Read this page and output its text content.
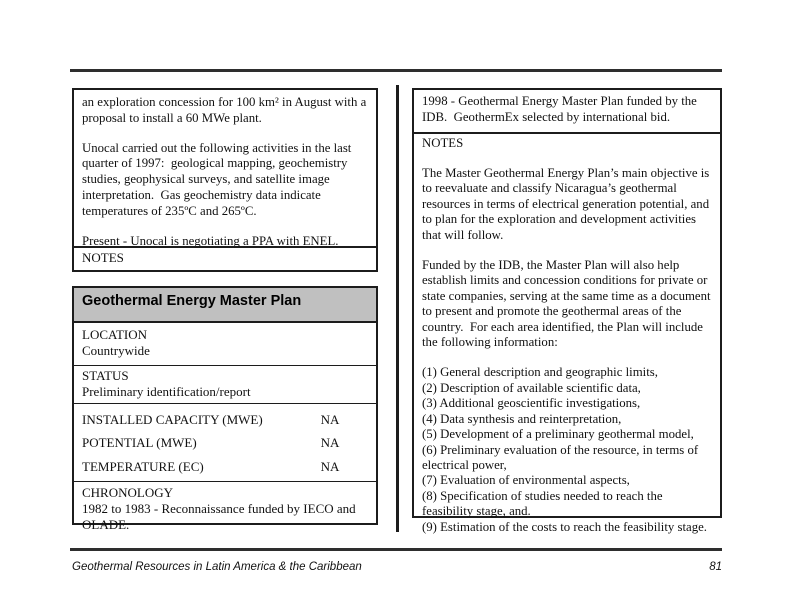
an exploration concession for 100 km² in August with a proposal to install a 60 MWe plant.

Unocal carried out the following activities in the last quarter of 1997:  geological mapping, geochemistry studies, geophysical surveys, and satellite image interpretation.  Gas geochemistry data indicate temperatures of 235ºC and 265ºC.

Present - Unocal is negotiating a PPA with ENEL.

NOTES
Geothermal Energy Master Plan
LOCATION
Countrywide
STATUS
Preliminary identification/report
INSTALLED CAPACITY (MWE)	NA
POTENTIAL (MWE)	NA
TEMPERATURE (EC)	NA
CHRONOLOGY
1982 to 1983 - Reconnaissance funded by IECO and OLADE.
1998 - Geothermal Energy Master Plan funded by the IDB.  GeothermEx selected by international bid.

NOTES

The Master Geothermal Energy Plan’s main objective is to reevaluate and classify Nicaragua’s geothermal resources in terms of electrical generation potential, and to plan for the exploration and development activities that will follow.

Funded by the IDB, the Master Plan will also help establish limits and concession conditions for private or state companies, serving at the same time as a document to present and promote the geothermal areas of the country.  For each area identified, the Plan will include the following information:

(1) General description and geographic limits,
(2) Description of available scientific data,
(3) Additional geoscientific investigations,
(4) Data synthesis and reinterpretation,
(5) Development of a preliminary geothermal model,
(6) Preliminary evaluation of the resource, in terms of electrical power,
(7) Evaluation of environmental aspects,
(8) Specification of studies needed to reach the feasibility stage, and.
(9) Estimation of the costs to reach the feasibility stage.
Geothermal Resources in Latin America & the Caribbean	81
